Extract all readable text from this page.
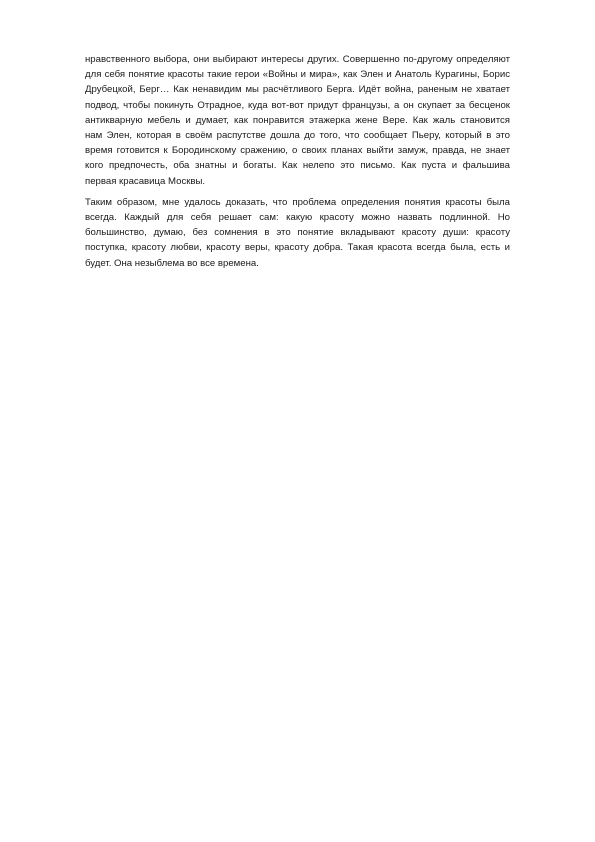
нравственного выбора, они выбирают интересы других. Совершенно по-другому определяют
для себя понятие красоты такие герои «Войны и мира», как Элен и Анатоль Курагины, Борис
Друбецкой, Берг… Как ненавидим мы расчётливого Берга. Идёт война, раненым не хватает
подвод, чтобы покинуть Отрадное, куда вот-вот придут французы, а он скупает за бесценок
антикварную мебель и думает, как понравится этажерка жене Вере. Как жаль становится
нам Элен, которая в своём распутстве дошла до того, что сообщает Пьеру, который в это
время готовится к Бородинскому сражению, о своих планах выйти замуж, правда, не знает
кого предпочесть, оба знатны и богаты. Как нелепо это письмо. Как пуста и фальшива
первая красавица Москвы.
Таким образом, мне удалось доказать, что проблема определения понятия красоты была
всегда. Каждый для себя решает сам: какую красоту можно назвать подлинной. Но
большинство, думаю, без сомнения в это понятие вкладывают красоту души: красоту
поступка, красоту любви, красоту веры, красоту добра. Такая красота всегда была, есть и
будет. Она незыблема во все времена.
